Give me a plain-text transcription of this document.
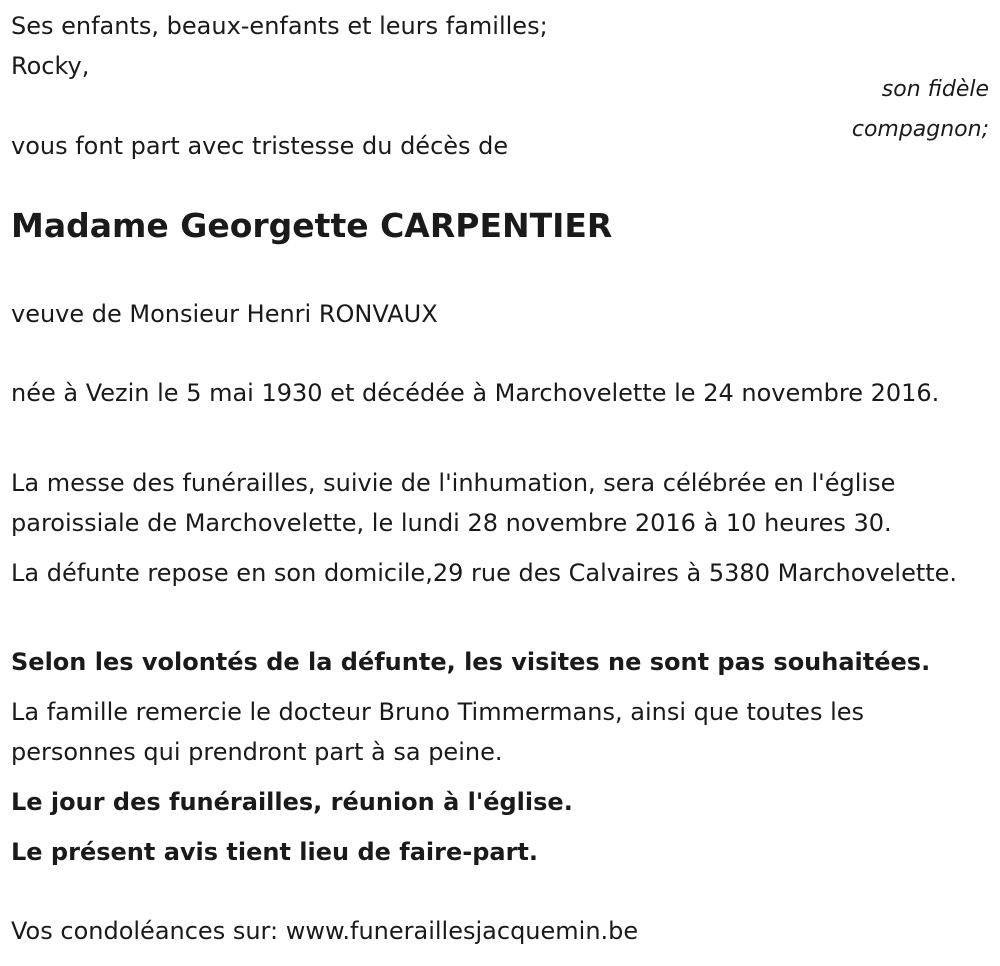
Ses enfants, beaux-enfants et leurs familles;

Rocky,

son fidèle
compagnon;

vous font part avec tristesse du décès de

Madame Georgette CARPENTIER

veuve de Monsieur Henri RONVAUX

née à Vezin le 5 mai 1930 et décédée à Marchovelette le 24 novembre 2016.

La messe des funérailles, suivie de l'inhumation, sera célébrée en l'église paroissiale de Marchovelette, le lundi 28 novembre 2016 à 10 heures 30.

La défunte repose en son domicile,29 rue des Calvaires à 5380 Marchovelette.

Selon les volontés de la défunte, les visites ne sont pas souhaitées.

La famille remercie le docteur Bruno Timmermans, ainsi que toutes les personnes qui prendront part à sa peine.

Le jour des funérailles, réunion à l'église.

Le présent avis tient lieu de faire-part.

Vos condoléances sur: www.funeraillesjacquemin.be
